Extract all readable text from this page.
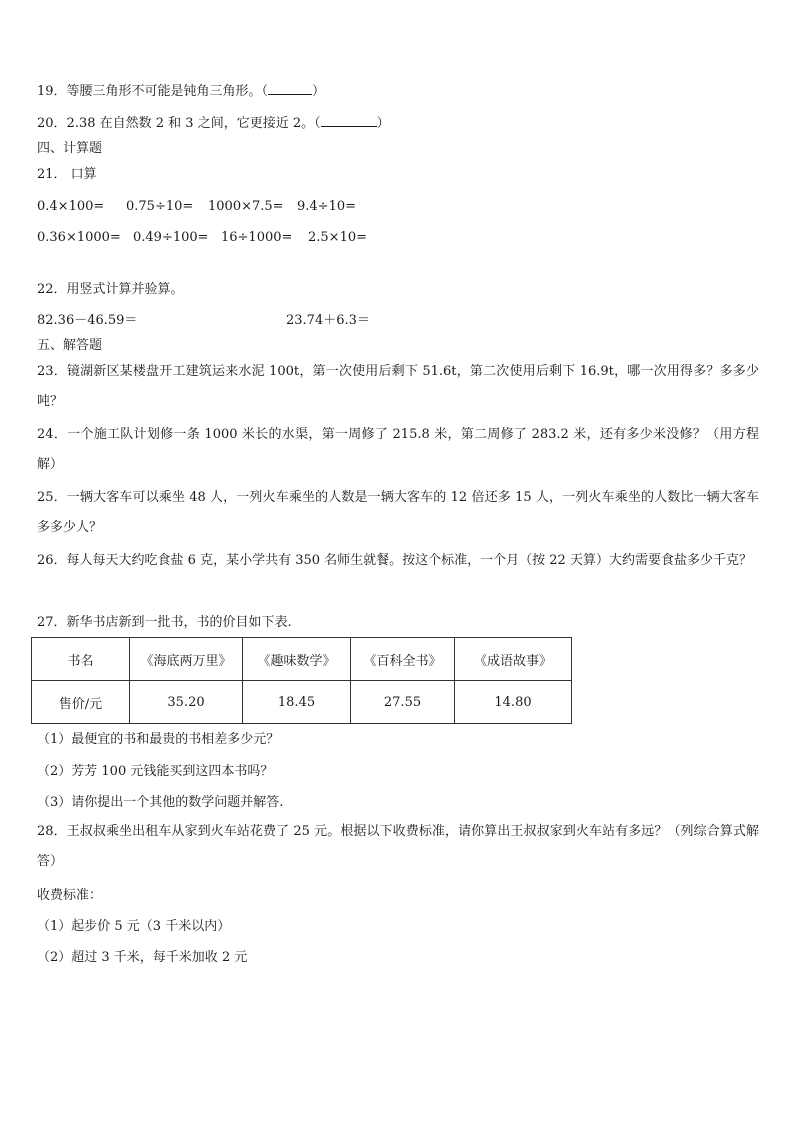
19．等腰三角形不可能是钝角三角形。（	）
20．2.38 在自然数 2 和 3 之间，它更接近 2。（	）
四、计算题
21． 口算
0.4×100= 0.75÷10= 1000×7.5= 9.4÷10=
0.36×1000= 0.49÷100= 16÷1000= 2.5×10=
22．用竖式计算并验算。
82.36－46.59＝	23.74＋6.3＝
五、解答题
23．镜湖新区某楼盘开工建筑运来水泥 100t，第一次使用后剩下 51.6t，第二次使用后剩下 16.9t，哪一次用得多？多多少吨？
24．一个施工队计划修一条 1000 米长的水渠，第一周修了 215.8 米，第二周修了 283.2 米，还有多少米没修？（用方程解）
25．一辆大客车可以乘坐 48 人，一列火车乘坐的人数是一辆大客车的 12 倍还多 15 人，一列火车乘坐的人数比一辆大客车多多少人？
26．每人每天大约吃食盐 6 克，某小学共有 350 名师生就餐。按这个标准，一个月（按 22 天算）大约需要食盐多少千克？
27．新华书店新到一批书，书的价目如下表.
书名	《海底两万里》	《趣味数学》	《百科全书》	《成语故事》
售价/元	35.20	18.45	27.55	14.80
（1）最便宜的书和最贵的书相差多少元？
（2）芳芳 100 元钱能买到这四本书吗？
（3）请你提出一个其他的数学问题并解答.
28．王叔叔乘坐出租车从家到火车站花费了 25 元。根据以下收费标准，请你算出王叔叔家到火车站有多远？（列综合算式解答）
收费标准：
（1）起步价 5 元（3 千米以内）
（2）超过 3 千米，每千米加收 2 元
